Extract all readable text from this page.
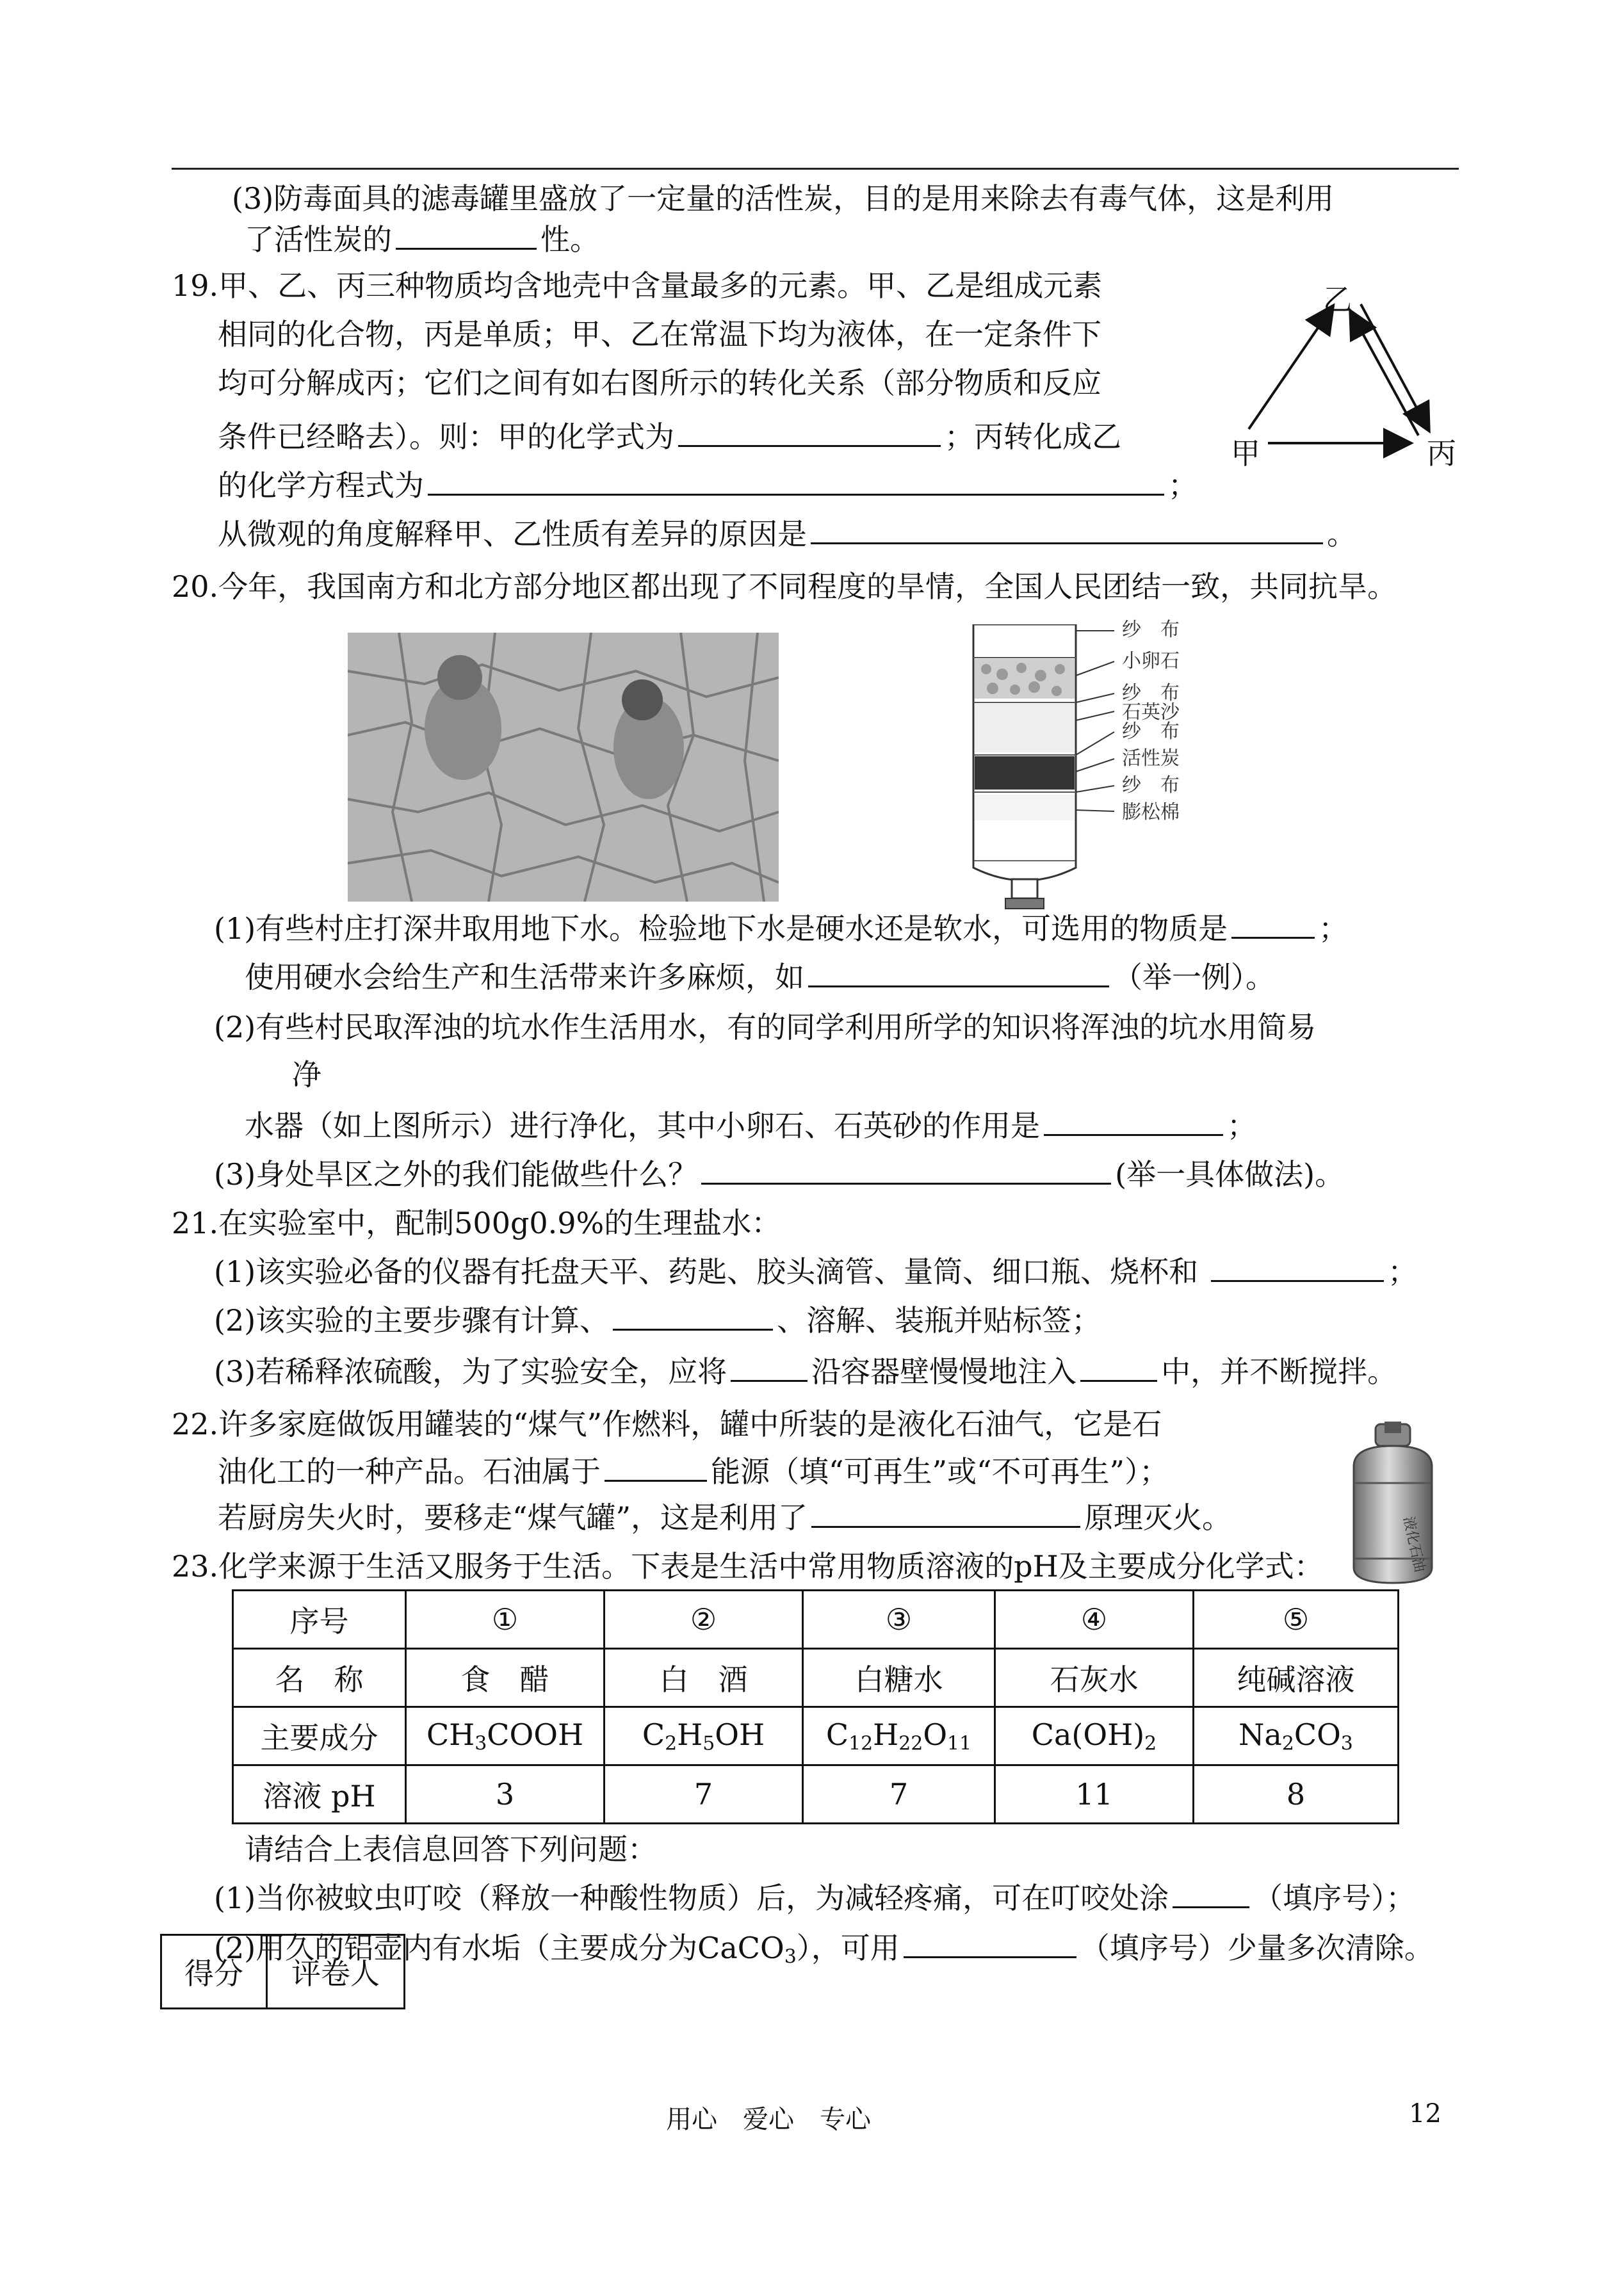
(3)防毒面具的滤毒罐里盛放了一定量的活性炭，目的是用来除去有毒气体，这是利用
了活性炭的	性。
19.甲、乙、丙三种物质均含地壳中含量最多的元素。甲、乙是组成元素
相同的化合物，丙是单质；甲、乙在常温下均为液体，在一定条件下
均可分解成丙；它们之间有如右图所示的转化关系（部分物质和反应
条件已经略去）。则：甲的化学式为	；丙转化成乙
的化学方程式为	；
从微观的角度解释甲、乙性质有差异的原因是	。
乙
甲	丙
20.今年，我国南方和北方部分地区都出现了不同程度的旱情，全国人民团结一致，共同抗旱。
纱　布
小卵石
纱　布
石英沙
纱　布
活性炭
纱　布
膨松棉
(1)有些村庄打深井取用地下水。检验地下水是硬水还是软水，可选用的物质是	；
使用硬水会给生产和生活带来许多麻烦，如	（举一例）。
(2)有些村民取浑浊的坑水作生活用水，有的同学利用所学的知识将浑浊的坑水用简易
净
水器（如上图所示）进行净化，其中小卵石、石英砂的作用是	；
(3)身处旱区之外的我们能做些什么？	(举一具体做法)。
21.在实验室中，配制500g0.9%的生理盐水：
(1)该实验必备的仪器有托盘天平、药匙、胶头滴管、量筒、细口瓶、烧杯和	；
(2)该实验的主要步骤有计算、	、溶解、装瓶并贴标签；
(3)若稀释浓硫酸，为了实验安全，应将	沿容器壁慢慢地注入	中，并不断搅拌。
22.许多家庭做饭用罐装的“煤气”作燃料，罐中所装的是液化石油气，它是石
油化工的一种产品。石油属于	能源（填“可再生”或“不可再生”）；
若厨房失火时，要移走“煤气罐”，这是利用了	原理灭火。	液化石油
23.化学来源于生活又服务于生活。下表是生活中常用物质溶液的pH及主要成分化学式：
序号	①	②	③	④	⑤
名　称	食　醋	白　酒	白糖水	石灰水	纯碱溶液
主要成分	$CH_3COOH$	$C_2H_5OH$	$C_{12}H_{22}O_{11}$	$Ca(OH)_2$	$Na_2CO_3$
溶液 pH	3	7	7	11	8
请结合上表信息回答下列问题：
(1)当你被蚊虫叮咬（释放一种酸性物质）后，为减轻疼痛，可在叮咬处涂	（填序号）；
(2)用久的铝壶内有水垢（主要成分为CaCO$_3$），可用	（填序号）少量多次清除。
得分	评卷人
用心　爱心　专心	12
